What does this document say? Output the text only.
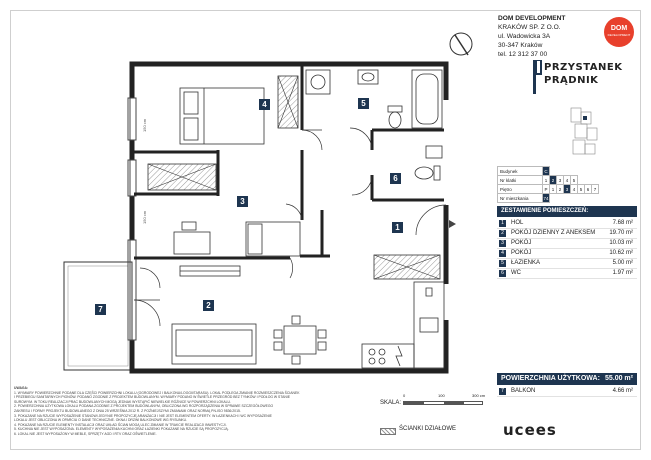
150 cm
150 cm
4	5
6
3
1
2
7
DOM DEVELOPMENT
KRAKÓW SP. Z O.O.
ul. Wadowicka 3A
30-347 Kraków
tel. 12 312 37 00
DOM
DEVELOPMENT
PRZYSTANEK
PRĄDNIK
Budynek	C							
Nr klatki	1	2	3	4	5			
Piętro	P	1	2	3	4	5	6	7
Nr mieszkania	74							
ZESTAWIENIE POMIESZCZEŃ:
1	HOL	7.68 m²
2	POKÓJ DZIENNY Z ANEKSEM 19.70 m²
3	POKÓJ	10.03 m²
4	POKÓJ	10.62 m²
5	ŁAZIENKA	5.00 m²
6	WC	1.97 m²
POWIERZCHNIA UŻYTKOWA: 55.00 m²
7	BALKON	4.66 m²

UWAGA:

1. WYMIARY POWIERZCHNIE PODANE DLA CZĘŚCI POWIERZCHNI LOKALU (OGRODOWEJ I BALKONU/LOGGII/TARASU). LOKAL PODLEGA ZMIANIE ROZMIESZCZENIA ŚCIANEK

I PRZEBIEGU SANITARNYCH PIONÓW. PODANO ZGODNIE Z PROJEKTEM BUDOWLANYM. WYMIARY PODANO W ŚWIETLE PRZEGRÓD BEZ TYNKÓW I PODŁOG W STANIE

SUROWYM. W TOKU REALIZACJI PRAC BUDOWLANYCH MOGĄ JEDNAK WYSTĄPIĆ NIEWIELKIE RÓŻNICE W POWIERZCHNI LOKALU.

2. POWIERZCHNIA UŻYTKOWA LOKALU PODANA ZGODNIE Z PROJEKTEM BUDOWLANYM, OBLICZONA WG ROZPORZĄDZENIA W SPRAWIE SZCZEGÓŁOWEGO

ZAKRESU I FORMY PROJEKTU BUDOWLANEGO Z DNIA 25 WRZEŚNIA 2012 R. Z POŹNIEJSZYMI ZMIANAMI ORAZ NORMĄ PN-ISO 9836:2015.

3. POKAZANE NA RZUCIE WYPOSAŻENIE STANOWI JEDYNIE PROPOZYCJĘ ARANŻACJI I NIE JEST ELEMENTEM OFERTY. W ŁAZIENKACH I WC WYPOSAŻENIE

LOKALU JEST OBLICZONA W OPARCIU O DANE TECHNICZNE. OKNA I DRZWI BALKONOWE WG RYSUNKU.

4. POKAZANE NA RZUCIE ELEMENTY INSTALACJI ORAZ UKŁAD ŚCIAN MOGĄ ULEC ZMIANIE W TRAKCIE REALIZACJI INWESTYCJI.

5. KUCHNIA NIE JEST WYPOSAŻONA. ELEMENTY WYPOSAŻENIA KUCHNI ORAZ ŁAZIENKI POKAZANE NA RZUCIE SĄ PROPOZYCJĄ.

6. LOKAL NIE JEST WYPOSAŻONY W MEBLE, SPRZĘTY AGD I RTV ORAZ OŚWIETLENIE.

SKALA:
0	100	300 cm
ŚCIANKI DZIAŁOWE	ucees
